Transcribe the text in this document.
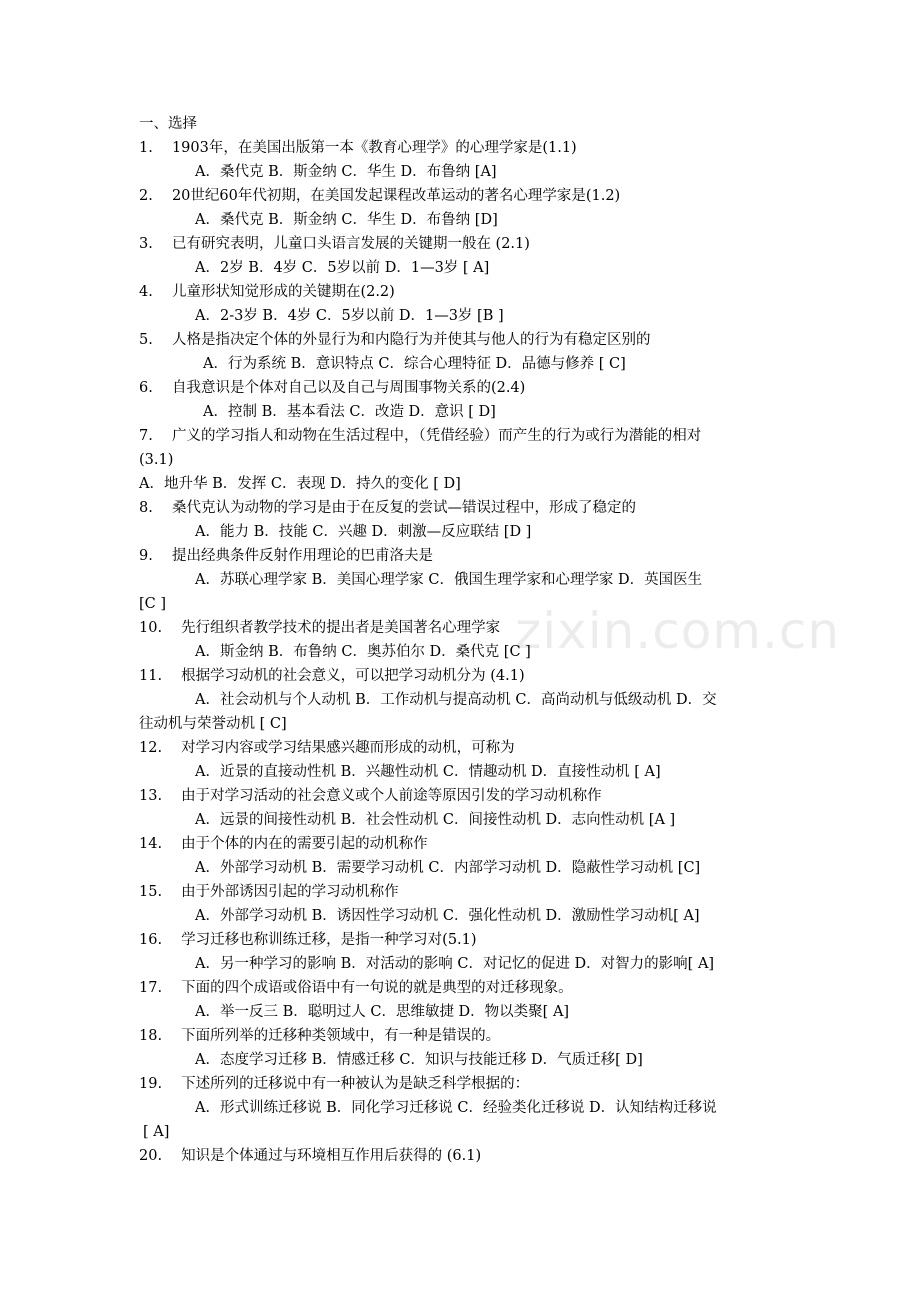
zixin.com.cn
一、选择
1.　 1903年，在美国出版第一本《教育心理学》的心理学家是(1.1)
A．桑代克 B．斯金纳 C．华生 D．布鲁纳 [A]
2.　 20世纪60年代初期，在美国发起课程改革运动的著名心理学家是(1.2)
A．桑代克 B．斯金纳 C．华生 D．布鲁纳 [D]
3.　 已有研究表明，儿童口头语言发展的关键期一般在 (2.1)
A．2岁 B．4岁 C．5岁以前 D．1—3岁 [ A]
4.　 儿童形状知觉形成的关键期在(2.2)
A．2-3岁 B．4岁 C．5岁以前 D．1—3岁 [B ]
5.　 人格是指决定个体的外显行为和内隐行为并使其与他人的行为有稳定区别的
A．行为系统 B．意识特点 C．综合心理特征 D．品德与修养 [ C]
6.　 自我意识是个体对自己以及自己与周围事物关系的(2.4)
A．控制 B．基本看法 C．改造 D．意识 [ D]
7.　 广义的学习指人和动物在生活过程中，（凭借经验）而产生的行为或行为潜能的相对
(3.1)
A．地升华 B．发挥 C．表现 D．持久的变化 [ D]
8.　 桑代克认为动物的学习是由于在反复的尝试—错误过程中，形成了稳定的
A．能力 B．技能 C．兴趣 D．刺激—反应联结 [D ]
9.　 提出经典条件反射作用理论的巴甫洛夫是
A．苏联心理学家 B．美国心理学家 C．俄国生理学家和心理学家 D．英国医生
[C ]
10.　 先行组织者教学技术的提出者是美国著名心理学家
A．斯金纳 B．布鲁纳 C．奥苏伯尔 D．桑代克 [C ]
11.　 根据学习动机的社会意义，可以把学习动机分为 (4.1)
A．社会动机与个人动机 B．工作动机与提高动机 C．高尚动机与低级动机 D．交
往动机与荣誉动机 [ C]
12.　 对学习内容或学习结果感兴趣而形成的动机，可称为
A．近景的直接动性机 B．兴趣性动机 C．情趣动机 D．直接性动机 [ A]
13.　 由于对学习活动的社会意义或个人前途等原因引发的学习动机称作
A．远景的间接性动机 B．社会性动机 C．间接性动机 D．志向性动机 [A ]
14.　 由于个体的内在的需要引起的动机称作
A．外部学习动机 B．需要学习动机 C．内部学习动机 D．隐蔽性学习动机 [C]
15.　 由于外部诱因引起的学习动机称作
A．外部学习动机 B．诱因性学习动机 C．强化性动机 D．激励性学习动机[ A]
16.　 学习迁移也称训练迁移，是指一种学习对(5.1)
A．另一种学习的影响 B．对活动的影响 C．对记忆的促进 D．对智力的影响[ A]
17.　 下面的四个成语或俗语中有一句说的就是典型的对迁移现象。
A．举一反三 B．聪明过人 C．思维敏捷 D．物以类聚[ A]
18.　 下面所列举的迁移种类领域中，有一种是错误的。
A．态度学习迁移 B．情感迁移 C．知识与技能迁移 D．气质迁移[ D]
19.　 下述所列的迁移说中有一种被认为是缺乏科学根据的：
A．形式训练迁移说 B．同化学习迁移说 C．经验类化迁移说 D．认知结构迁移说
[ A]
20.　 知识是个体通过与环境相互作用后获得的 (6.1)
